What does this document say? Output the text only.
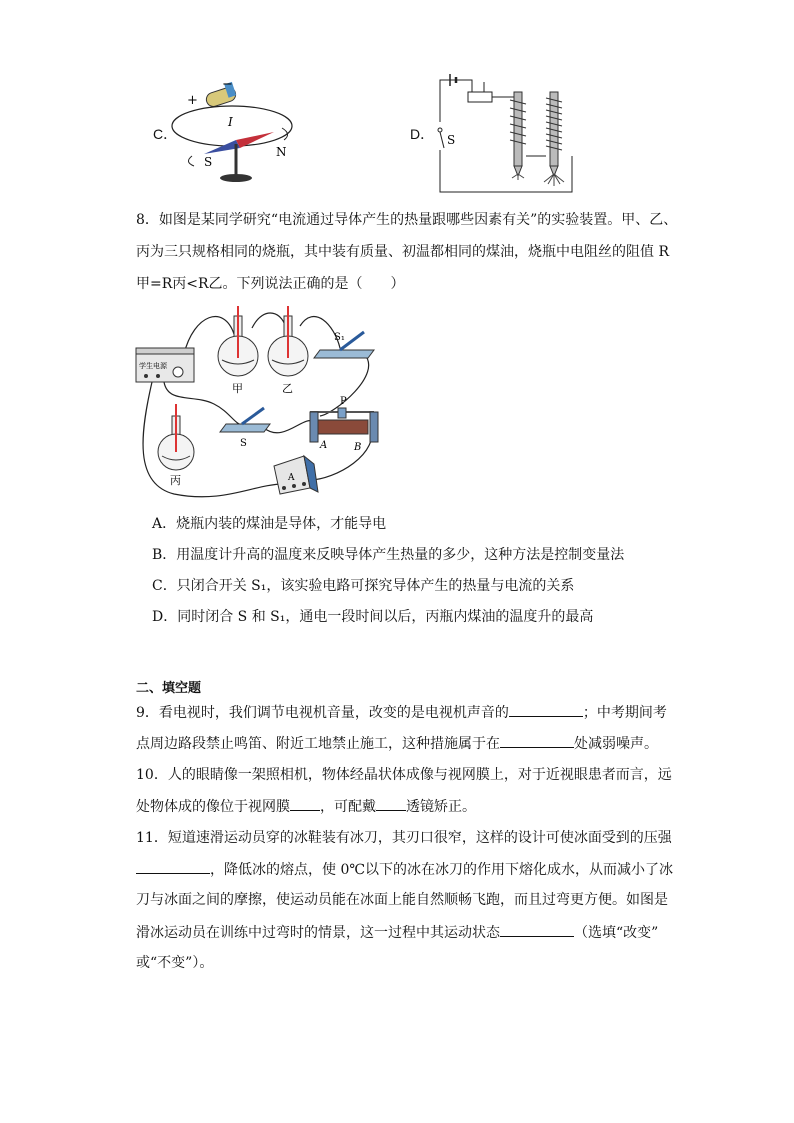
C．
+
−
I
S
N
D． S
8．如图是某同学研究“电流通过导体产生的热量跟哪些因素有关”的实验装置。甲、乙、
丙为三只规格相同的烧瓶，其中装有质量、初温都相同的煤油，烧瓶中电阻丝的阻值 R
甲=R丙<R乙。下列说法正确的是（　　）
学生电源
甲	乙
S₁
丙
S
P
A	B
A
A．烧瓶内装的煤油是导体，才能导电
B．用温度计升高的温度来反映导体产生热量的多少，这种方法是控制变量法
C．只闭合开关 S₁，该实验电路可探究导体产生的热量与电流的关系
D．同时闭合 S 和 S₁，通电一段时间以后，丙瓶内煤油的温度升的最高
二、填空题
9．看电视时，我们调节电视机音量，改变的是电视机声音的	；中考期间考
点周边路段禁止鸣笛、附近工地禁止施工，这种措施属于在	处减弱噪声。
10．人的眼睛像一架照相机，物体经晶状体成像与视网膜上，对于近视眼患者而言，远
处物体成的像位于视网膜 ，可配戴 透镜矫正。
11．短道速滑运动员穿的冰鞋装有冰刀，其刃口很窄，这样的设计可使冰面受到的压强
，降低冰的熔点，使 0℃以下的冰在冰刀的作用下熔化成水，从而减小了冰
刀与冰面之间的摩擦，使运动员能在冰面上能自然顺畅飞跑，而且过弯更方便。如图是
滑冰运动员在训练中过弯时的情景，这一过程中其运动状态	（选填“改变”
或“不变”）。
